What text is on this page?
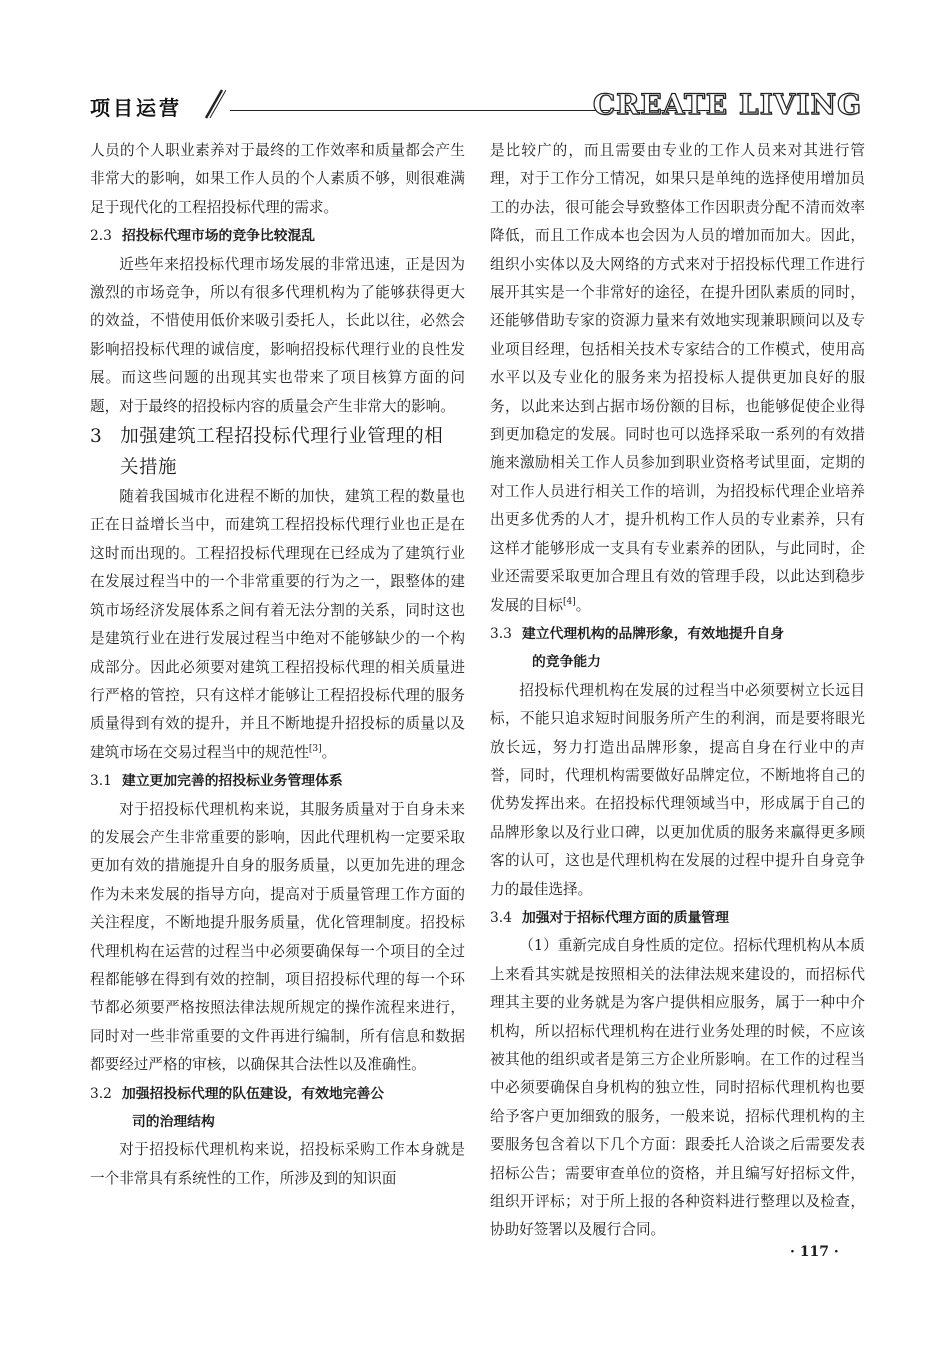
项目运营	CREATE LIVING

人员的个人职业素养对于最终的工作效率和质量都会产生非常大的影响，如果工作人员的个人素质不够，则很难满足于现代化的工程招投标代理的需求。

2.3 招投标代理市场的竞争比较混乱

近些年来招投标代理市场发展的非常迅速，正是因为激烈的市场竞争，所以有很多代理机构为了能够获得更大的效益，不惜使用低价来吸引委托人，长此以往，必然会影响招投标代理的诚信度，影响招投标代理行业的良性发展。而这些问题的出现其实也带来了项目核算方面的问题，对于最终的招投标内容的质量会产生非常大的影响。

3 加强建筑工程招投标代理行业管理的相
关措施

随着我国城市化进程不断的加快，建筑工程的数量也正在日益增长当中，而建筑工程招投标代理行业也正是在这时而出现的。工程招投标代理现在已经成为了建筑行业在发展过程当中的一个非常重要的行为之一，跟整体的建筑市场经济发展体系之间有着无法分割的关系，同时这也是建筑行业在进行发展过程当中绝对不能够缺少的一个构成部分。因此必须要对建筑工程招投标代理的相关质量进行严格的管控，只有这样才能够让工程招投标代理的服务质量得到有效的提升，并且不断地提升招投标的质量以及建筑市场在交易过程当中的规范性[3]。

3.1 建立更加完善的招投标业务管理体系

对于招投标代理机构来说，其服务质量对于自身未来的发展会产生非常重要的影响，因此代理机构一定要采取更加有效的措施提升自身的服务质量，以更加先进的理念作为未来发展的指导方向，提高对于质量管理工作方面的关注程度，不断地提升服务质量，优化管理制度。招投标代理机构在运营的过程当中必须要确保每一个项目的全过程都能够在得到有效的控制，项目招投标代理的每一个环节都必须要严格按照法律法规所规定的操作流程来进行，同时对一些非常重要的文件再进行编制，所有信息和数据都要经过严格的审核，以确保其合法性以及准确性。

3.2 加强招投标代理的队伍建设，有效地完善公
司的治理结构

对于招投标代理机构来说，招投标采购工作本身就是一个非常具有系统性的工作，所涉及到的知识面

是比较广的，而且需要由专业的工作人员来对其进行管理，对于工作分工情况，如果只是单纯的选择使用增加员工的办法，很可能会导致整体工作因职责分配不清而效率降低，而且工作成本也会因为人员的增加而加大。因此，组织小实体以及大网络的方式来对于招投标代理工作进行展开其实是一个非常好的途径，在提升团队素质的同时，还能够借助专家的资源力量来有效地实现兼职顾问以及专业项目经理，包括相关技术专家结合的工作模式，使用高水平以及专业化的服务来为招投标人提供更加良好的服务，以此来达到占据市场份额的目标，也能够促使企业得到更加稳定的发展。同时也可以选择采取一系列的有效措施来激励相关工作人员参加到职业资格考试里面，定期的对工作人员进行相关工作的培训，为招投标代理企业培养出更多优秀的人才，提升机构工作人员的专业素养，只有这样才能够形成一支具有专业素养的团队，与此同时，企业还需要采取更加合理且有效的管理手段，以此达到稳步发展的目标[4]。

3.3 建立代理机构的品牌形象，有效地提升自身
的竞争能力

招投标代理机构在发展的过程当中必须要树立长远目标，不能只追求短时间服务所产生的利润，而是要将眼光放长远，努力打造出品牌形象，提高自身在行业中的声誉，同时，代理机构需要做好品牌定位，不断地将自己的优势发挥出来。在招投标代理领域当中，形成属于自己的品牌形象以及行业口碑，以更加优质的服务来赢得更多顾客的认可，这也是代理机构在发展的过程中提升自身竞争力的最佳选择。

3.4 加强对于招标代理方面的质量管理

（1）重新完成自身性质的定位。招标代理机构从本质上来看其实就是按照相关的法律法规来建设的，而招标代理其主要的业务就是为客户提供相应服务，属于一种中介机构，所以招标代理机构在进行业务处理的时候，不应该被其他的组织或者是第三方企业所影响。在工作的过程当中必须要确保自身机构的独立性，同时招标代理机构也要给予客户更加细致的服务，一般来说，招标代理机构的主要服务包含着以下几个方面：跟委托人洽谈之后需要发表招标公告；需要审查单位的资格，并且编写好招标文件，组织开评标；对于所上报的各种资料进行整理以及检查，协助好签署以及履行合同。

· 117 ·
